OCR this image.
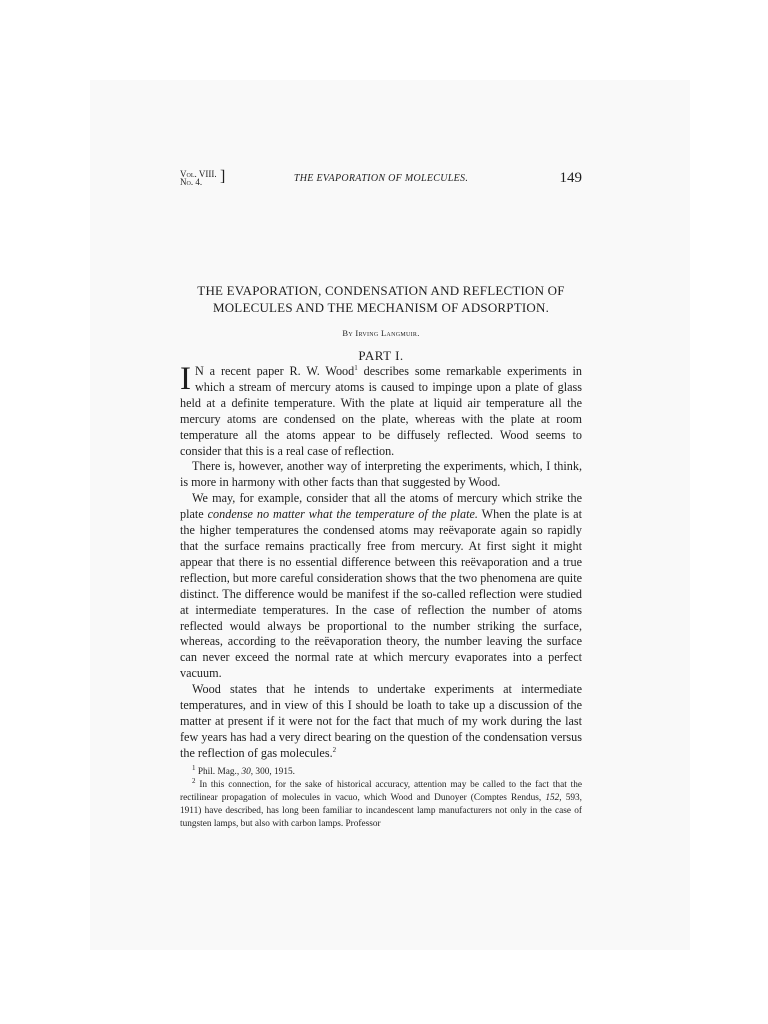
Vol. VIII.
No. 4.	]	THE EVAPORATION OF MOLECULES.	149
THE EVAPORATION, CONDENSATION AND REFLECTION OF
MOLECULES AND THE MECHANISM OF ADSORPTION.
By Irving Langmuir.
PART I.

I N a recent paper R. W. Wood$^1$ describes some remarkable experiments in which a stream of mercury atoms is caused to impinge upon a plate of glass held at a definite temperature. With the plate at liquid air temperature all the mercury atoms are condensed on the plate, whereas with the plate at room temperature all the atoms appear to be diffusely reflected. Wood seems to consider that this is a real case of reflection.

There is, however, another way of interpreting the experiments, which, I think, is more in harmony with other facts than that suggested by Wood.

We may, for example, consider that all the atoms of mercury which strike the plate condense no matter what the temperature of the plate. When the plate is at the higher temperatures the condensed atoms may reëvaporate again so rapidly that the surface remains practically free from mercury. At first sight it might appear that there is no essential difference between this reëvaporation and a true reflection, but more careful consideration shows that the two phenomena are quite distinct. The difference would be manifest if the so-called reflection were studied at intermediate temperatures. In the case of reflection the number of atoms reflected would always be proportional to the number striking the surface, whereas, according to the reëvaporation theory, the number leaving the surface can never exceed the normal rate at which mercury evaporates into a perfect vacuum.

Wood states that he intends to undertake experiments at intermediate temperatures, and in view of this I should be loath to take up a discussion of the matter at present if it were not for the fact that much of my work during the last few years has had a very direct bearing on the question of the condensation versus the reflection of gas molecules.$^2$

$^1$ Phil. Mag., 30, 300, 1915.

$^2$ In this connection, for the sake of historical accuracy, attention may be called to the fact that the rectilinear propagation of molecules in vacuo, which Wood and Dunoyer (Comptes Rendus, 152, 593, 1911) have described, has long been familiar to incandescent lamp manufacturers not only in the case of tungsten lamps, but also with carbon lamps. Professor
